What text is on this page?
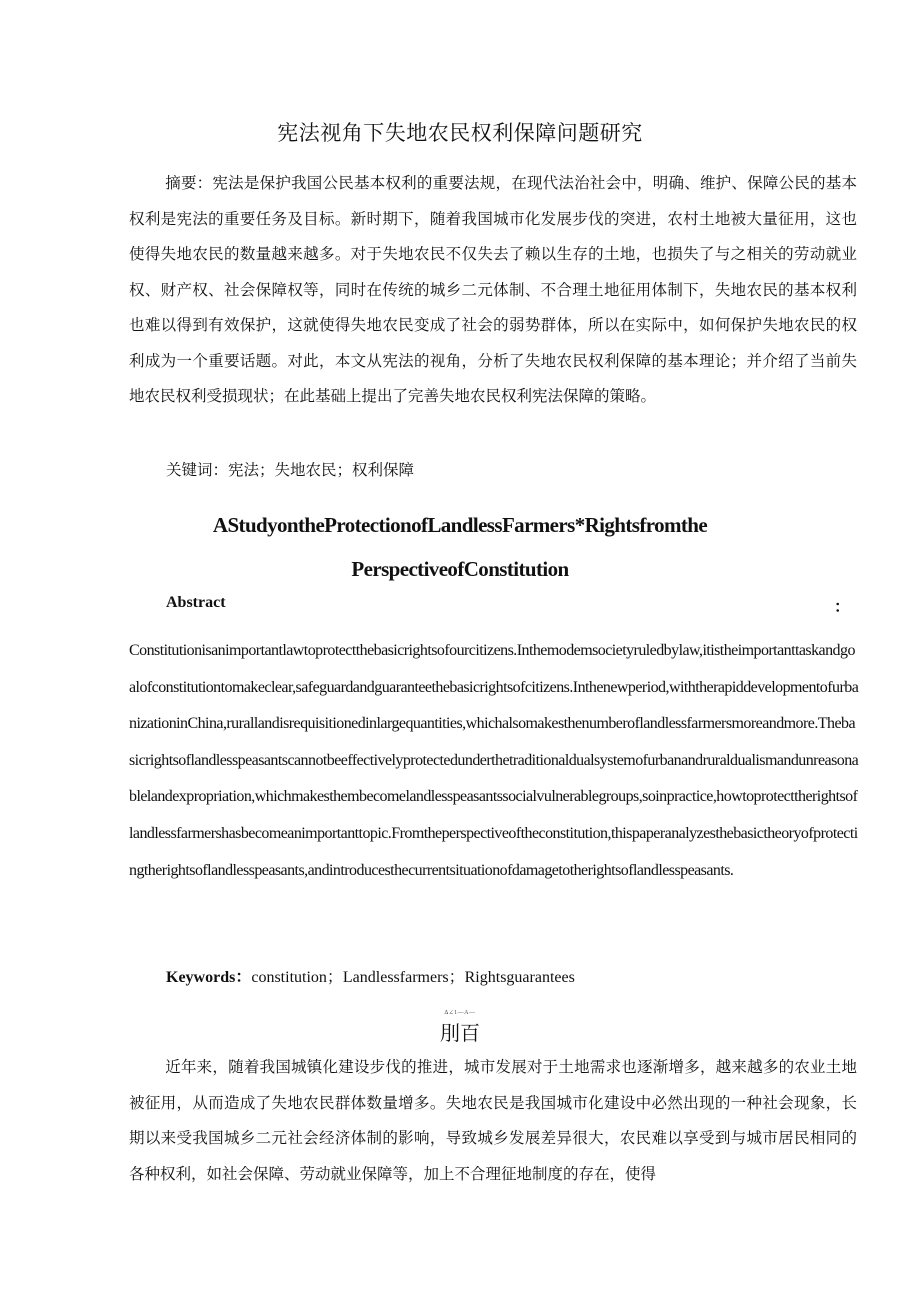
宪法视角下失地农民权利保障问题研究
摘要：宪法是保护我国公民基本权利的重要法规，在现代法治社会中，明确、维护、保障公民的基本权利是宪法的重要任务及目标。新时期下，随着我国城市化发展步伐的突进，农村土地被大量征用，这也使得失地农民的数量越来越多。对于失地农民不仅失去了赖以生存的土地，也损失了与之相关的劳动就业权、财产权、社会保障权等，同时在传统的城乡二元体制、不合理土地征用体制下，失地农民的基本权利也难以得到有效保护，这就使得失地农民变成了社会的弱势群体，所以在实际中，如何保护失地农民的权利成为一个重要话题。对此，本文从宪法的视角，分析了失地农民权利保障的基本理论；并介绍了当前失地农民权利受损现状；在此基础上提出了完善失地农民权利宪法保障的策略。
关键词：宪法；失地农民；权利保障
AStudyontheProtectionofLandlessFarmers*Rightsfromthe
PerspectiveofConstitution
Abstract	：
Constitutionisanimportantlawtoprotectthebasicrightsofourcitizens.Inthemodemsocietyruledbylaw,itistheimportanttaskandgoalofconstitutiontomakeclear,safeguardandguaranteethebasicrightsofcitizens.Inthenewperiod,withtherapiddevelopmentofurbanizationinChina,rurallandisrequisitionedinlargequantities,whichalsomakesthenumberoflandlessfarmersmoreandmore.Thebasicrightsoflandlesspeasantscannotbeeffectivelyprotectedunderthetraditionaldualsystemofurbanandruraldualismandunreasonablelandexpropriation,whichmakesthembecomelandlesspeasantssocialvulnerablegroups,soinpractice,howtoprotecttherightsoflandlessfarmershasbecomeanimportanttopic.Fromtheperspectiveoftheconstitution,thispaperanalyzesthebasictheoryofprotectingtherightsoflandlesspeasants,andintroducesthecurrentsituationofdamagetotherightsoflandlesspeasants.
Keywords：constitution；Landlessfarmers；Rightsguarantees
∆∠1—A—
刖百
近年来，随着我国城镇化建设步伐的推进，城市发展对于土地需求也逐渐增多，越来越多的农业土地被征用，从而造成了失地农民群体数量增多。失地农民是我国城市化建设中必然出现的一种社会现象，长期以来受我国城乡二元社会经济体制的影响，导致城乡发展差异很大，农民难以享受到与城市居民相同的各种权利，如社会保障、劳动就业保障等，加上不合理征地制度的存在，使得
